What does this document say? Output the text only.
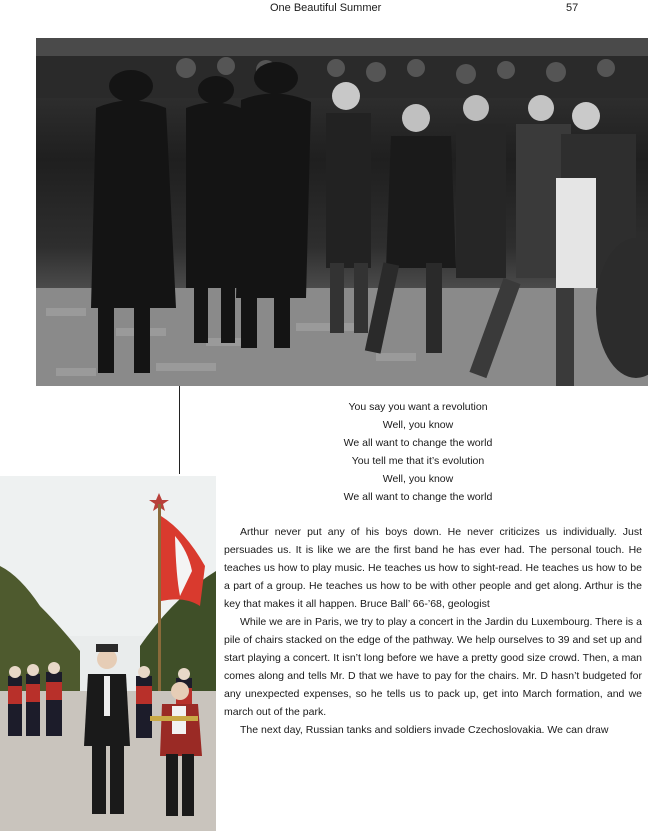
One Beautiful Summer	57
You say you want a revolution
Well, you know
We all want to change the world
You tell me that it’s evolution
Well, you know
We all want to change the world

Arthur never put any of his boys down. He never criticizes us individually. Just persuades us. It is like we are the first band he has ever had. The personal touch. He teaches us how to play music. He teaches us how to sight-read. He teaches us how to be a part of a group. He teaches us how to be with other people and get along. Arthur is the key that makes it all happen. Bruce Ball’ 66-’68, geologist

While we are in Paris, we try to play a concert in the Jardin du Luxembourg. There is a pile of chairs stacked on the edge of the pathway. We help ourselves to 39 and set up and start playing a concert. It isn’t long before we have a pretty good size crowd. Then, a man comes along and tells Mr. D that we have to pay for the chairs. Mr. D hasn’t budgeted for any unexpected expenses, so he tells us to pack up, get into March formation, and we march out of the park.

The next day, Russian tanks and soldiers invade Czechoslovakia. We can draw
